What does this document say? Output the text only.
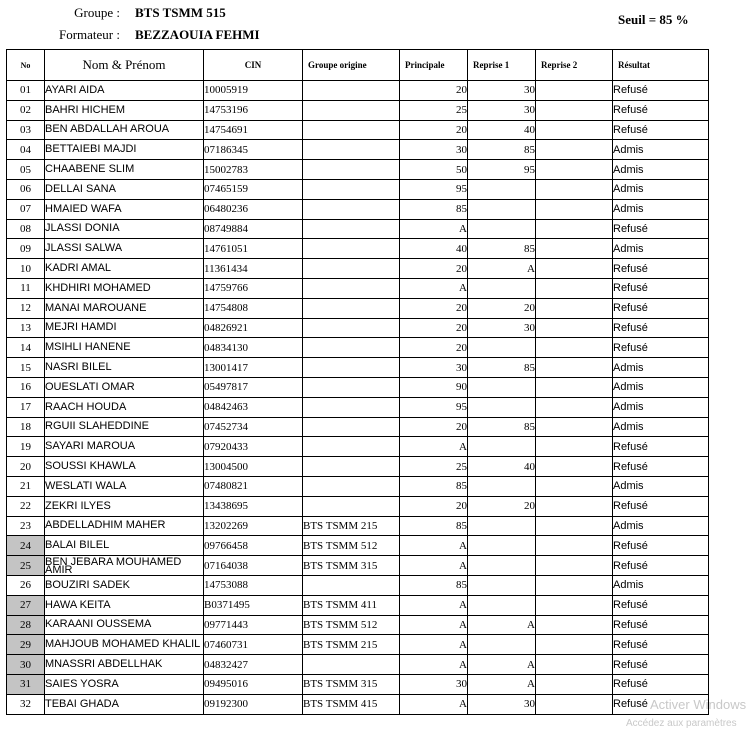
Groupe : BTS TSMM 515
Formateur : BEZZAOUIA FEHMI
Seuil = 85 %
No	Nom & Prénom	CIN	Groupe origine	Principale	Reprise 1	Reprise 2	Résultat
01	AYARI AIDA	10005919		20	30		Refusé
02	BAHRI HICHEM	14753196		25	30		Refusé
03	BEN ABDALLAH AROUA	14754691		20	40		Refusé
04	BETTAIEBI MAJDI	07186345		30	85		Admis
05	CHAABENE SLIM	15002783		50	95		Admis
06	DELLAI SANA	07465159		95			Admis
07	HMAIED WAFA	06480236		85			Admis
08	JLASSI DONIA	08749884		A			Refusé
09	JLASSI SALWA	14761051		40	85		Admis
10	KADRI AMAL	11361434		20	A		Refusé
11	KHDHIRI MOHAMED	14759766		A			Refusé
12	MANAI MAROUANE	14754808		20	20		Refusé
13	MEJRI HAMDI	04826921		20	30		Refusé
14	MSIHLI HANENE	04834130		20			Refusé
15	NASRI BILEL	13001417		30	85		Admis
16	OUESLATI OMAR	05497817		90			Admis
17	RAACH HOUDA	04842463		95			Admis
18	RGUII SLAHEDDINE	07452734		20	85		Admis
19	SAYARI MAROUA	07920433		A			Refusé
20	SOUSSI KHAWLA	13004500		25	40		Refusé
21	WESLATI WALA	07480821		85			Admis
22	ZEKRI ILYES	13438695		20	20		Refusé
23	ABDELLADHIM MAHER	13202269	BTS TSMM 215	85			Admis
24	BALAI BILEL	09766458	BTS TSMM 512	A			Refusé
25	BEN JEBARA MOUHAMED AMIR	07164038	BTS TSMM 315	A			Refusé
26	BOUZIRI SADEK	14753088		85			Admis
27	HAWA KEITA	B0371495	BTS TSMM 411	A			Refusé
28	KARAANI OUSSEMA	09771443	BTS TSMM 512	A	A		Refusé
29	MAHJOUB MOHAMED KHALIL	07460731	BTS TSMM 215	A			Refusé
30	MNASSRI ABDELLHAK	04832427		A	A		Refusé
31	SAIES YOSRA	09495016	BTS TSMM 315	30	A		Refusé
32	TEBAI GHADA	09192300	BTS TSMM 415	A	30		Refusé Activer Windows
Accédez aux paramètres
